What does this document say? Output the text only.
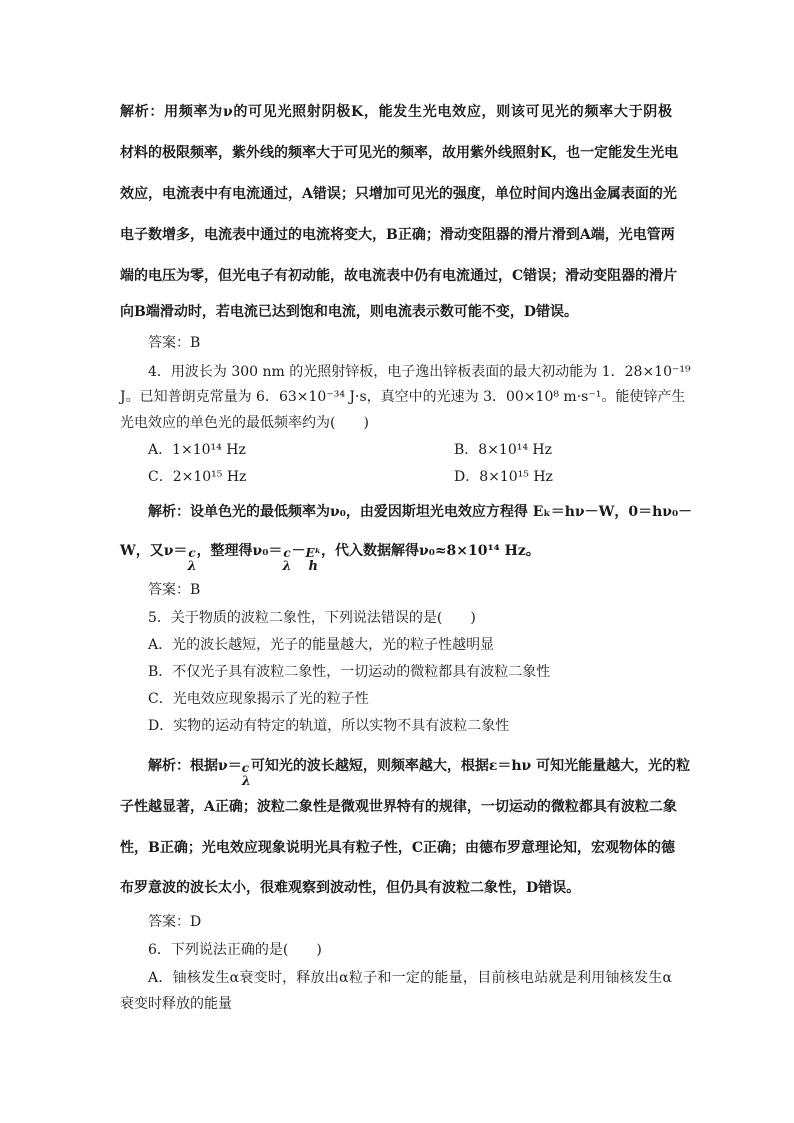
解析：用频率为ν的可见光照射阴极K，能发生光电效应，则该可见光的频率大于阴极
材料的极限频率，紫外线的频率大于可见光的频率，故用紫外线照射K，也一定能发生光电
效应，电流表中有电流通过，A错误；只增加可见光的强度，单位时间内逸出金属表面的光
电子数增多，电流表中通过的电流将变大，B正确；滑动变阻器的滑片滑到A端，光电管两
端的电压为零，但光电子有初动能，故电流表中仍有电流通过，C错误；滑动变阻器的滑片
向B端滑动时，若电流已达到饱和电流，则电流表示数可能不变，D错误。
答案：B
4．用波长为 300 nm 的光照射锌板，电子逸出锌板表面的最大初动能为 1．28×10⁻¹⁹
J。已知普朗克常量为 6．63×10⁻³⁴ J·s，真空中的光速为 3．00×10⁸ m·s⁻¹。能使锌产生
光电效应的单色光的最低频率约为(　　)
A．1×10¹⁴ Hz	B．8×10¹⁴ Hz
C．2×10¹⁵ Hz	D．8×10¹⁵ Hz
解析：设单色光的最低频率为ν₀，由爱因斯坦光电效应方程得 Eₖ＝hν－W，0＝hν₀－
W，又ν＝ c
λ
，整理得ν₀＝ c
λ
－ Eᵏ
h
，代入数据解得ν₀≈8×10¹⁴ Hz。
答案：B
5．关于物质的波粒二象性，下列说法错误的是(　　)
A．光的波长越短，光子的能量越大，光的粒子性越明显
B．不仅光子具有波粒二象性，一切运动的微粒都具有波粒二象性
C．光电效应现象揭示了光的粒子性
D．实物的运动有特定的轨道，所以实物不具有波粒二象性
解析：根据ν＝ c
λ
可知光的波长越短，则频率越大，根据ε＝hν 可知光能量越大，光的粒
子性越显著，A正确；波粒二象性是微观世界特有的规律，一切运动的微粒都具有波粒二象
性，B正确；光电效应现象说明光具有粒子性，C正确；由德布罗意理论知，宏观物体的德
布罗意波的波长太小，很难观察到波动性，但仍具有波粒二象性，D错误。
答案：D
6．下列说法正确的是(　　)
A．铀核发生α衰变时，释放出α粒子和一定的能量，目前核电站就是利用铀核发生α
衰变时释放的能量
